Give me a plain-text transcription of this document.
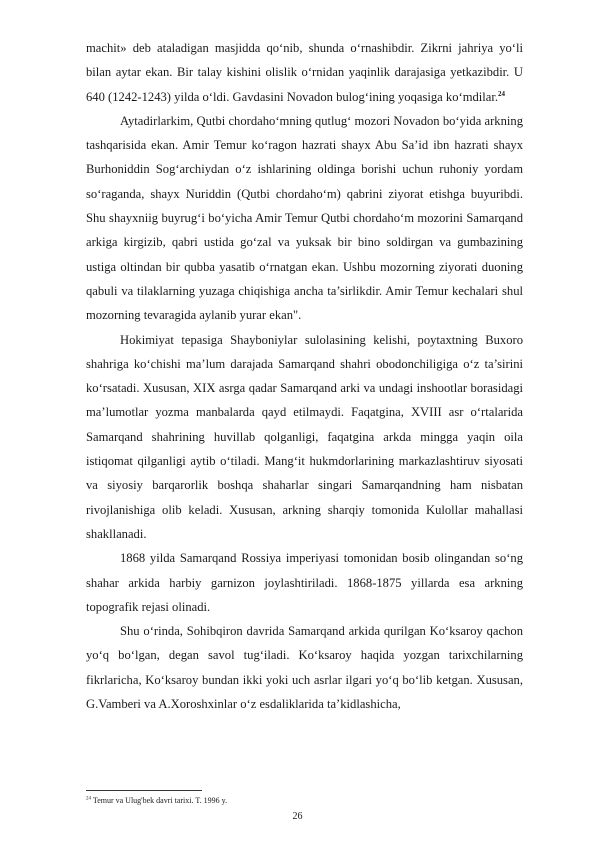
machit» deb ataladigan masjidda qo‘nib, shunda o‘rnashibdir. Zikrni jahriya yo‘li bilan aytar ekan. Bir talay kishini olislik o‘rnidan yaqinlik darajasiga yetkazibdir. U 640 (1242-1243) yilda o‘ldi. Gavdasini Novadon bulog‘ining yoqasiga ko‘mdilar.$^{24}$

Aytadirlarkim, Qutbi chordaho‘mning qutlug‘ mozori Novadon bo‘yida arkning tashqarisida ekan. Amir Temur ko‘ragon hazrati shayx Abu Sa’id ibn hazrati shayx Burhoniddin Sog‘archiydan o‘z ishlarining oldinga borishi uchun ruhoniy yordam so‘raganda, shayx Nuriddin (Qutbi chordaho‘m) qabrini ziyorat etishga buyuribdi. Shu shayxniig buyrug‘i bo‘yicha Amir Temur Qutbi chordaho‘m mozorini Samarqand arkiga kirgizib, qabri ustida go‘zal va yuksak bir bino soldirgan va gumbazining ustiga oltindan bir qubba yasatib o‘rnatgan ekan. Ushbu mozorning ziyorati duoning qabuli va tilaklarning yuzaga chiqishiga ancha ta’sirlikdir. Amir Temur kechalari shul mozorning tevaragida aylanib yurar ekan".

Hokimiyat tepasiga Shayboniylar sulolasining kelishi, poytaxtning Buxoro shahriga ko‘chishi ma’lum darajada Samarqand shahri obodonchiligiga o‘z ta’sirini ko‘rsatadi. Xususan, XIX asrga qadar Samarqand arki va undagi inshootlar borasidagi ma’lumotlar yozma manbalarda qayd etilmaydi. Faqatgina, XVIII asr o‘rtalarida Samarqand shahrining huvillab qolganligi, faqatgina arkda mingga yaqin oila istiqomat qilganligi aytib o‘tiladi. Mang‘it hukmdorlarining markazlashtiruv siyosati va siyosiy barqarorlik boshqa shaharlar singari Samarqandning ham nisbatan rivojlanishiga olib keladi. Xususan, arkning sharqiy tomonida Kulollar mahallasi shakllanadi.

1868 yilda Samarqand Rossiya imperiyasi tomonidan bosib olingandan so‘ng shahar arkida harbiy garnizon joylashtiriladi. 1868-1875 yillarda esa arkning topografik rejasi olinadi.

Shu o‘rinda, Sohibqiron davrida Samarqand arkida qurilgan Ko‘ksaroy qachon yo‘q bo‘lgan, degan savol tug‘iladi. Ko‘ksaroy haqida yozgan tarixchilarning fikrlaricha, Ko‘ksaroy bundan ikki yoki uch asrlar ilgari yo‘q bo‘lib ketgan. Xususan, G.Vamberi va A.Xoroshxinlar o‘z esdaliklarida ta’kidlashicha,

$^{24}$ Temur va Ulug'bek davri tarixi. T. 1996 y.
26
